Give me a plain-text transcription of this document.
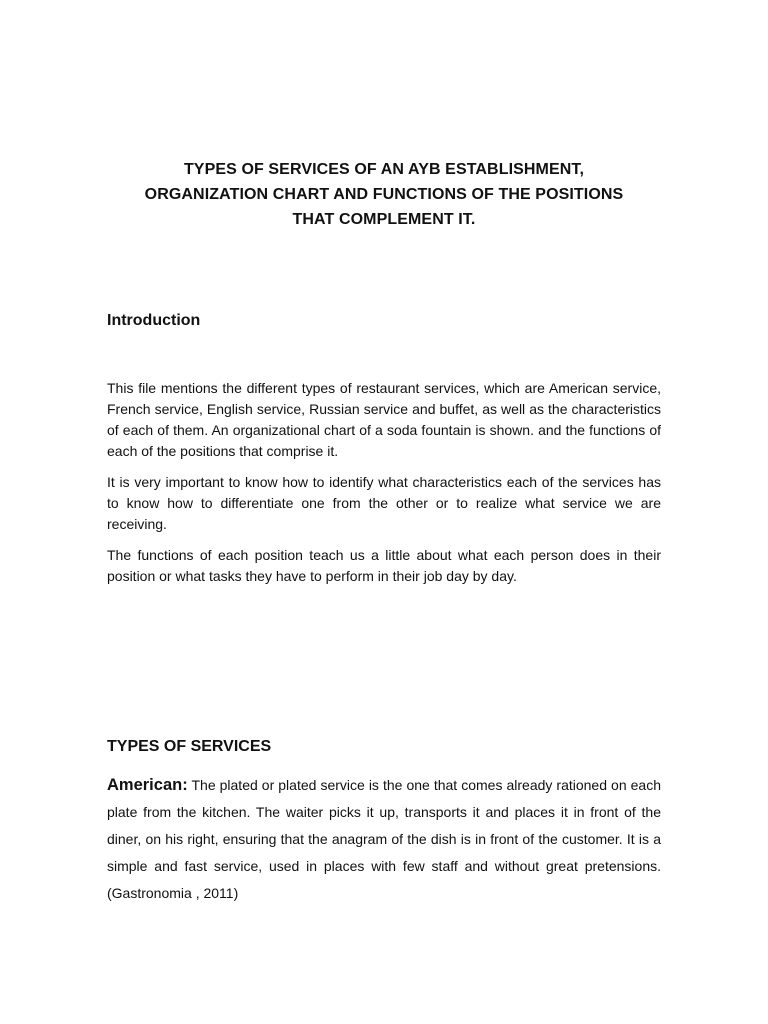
TYPES OF SERVICES OF AN AYB ESTABLISHMENT,
ORGANIZATION CHART AND FUNCTIONS OF THE POSITIONS
THAT COMPLEMENT IT.
Introduction

This file mentions the different types of restaurant services, which are American service, French service, English service, Russian service and buffet, as well as the characteristics of each of them. An organizational chart of a soda fountain is shown. and the functions of each of the positions that comprise it.

It is very important to know how to identify what characteristics each of the services has to know how to differentiate one from the other or to realize what service we are receiving.

The functions of each position teach us a little about what each person does in their position or what tasks they have to perform in their job day by day.

TYPES OF SERVICES

American: The plated or plated service is the one that comes already rationed on each plate from the kitchen. The waiter picks it up, transports it and places it in front of the diner, on his right, ensuring that the anagram of the dish is in front of the customer. It is a simple and fast service, used in places with few staff and without great pretensions. (Gastronomia , 2011)
